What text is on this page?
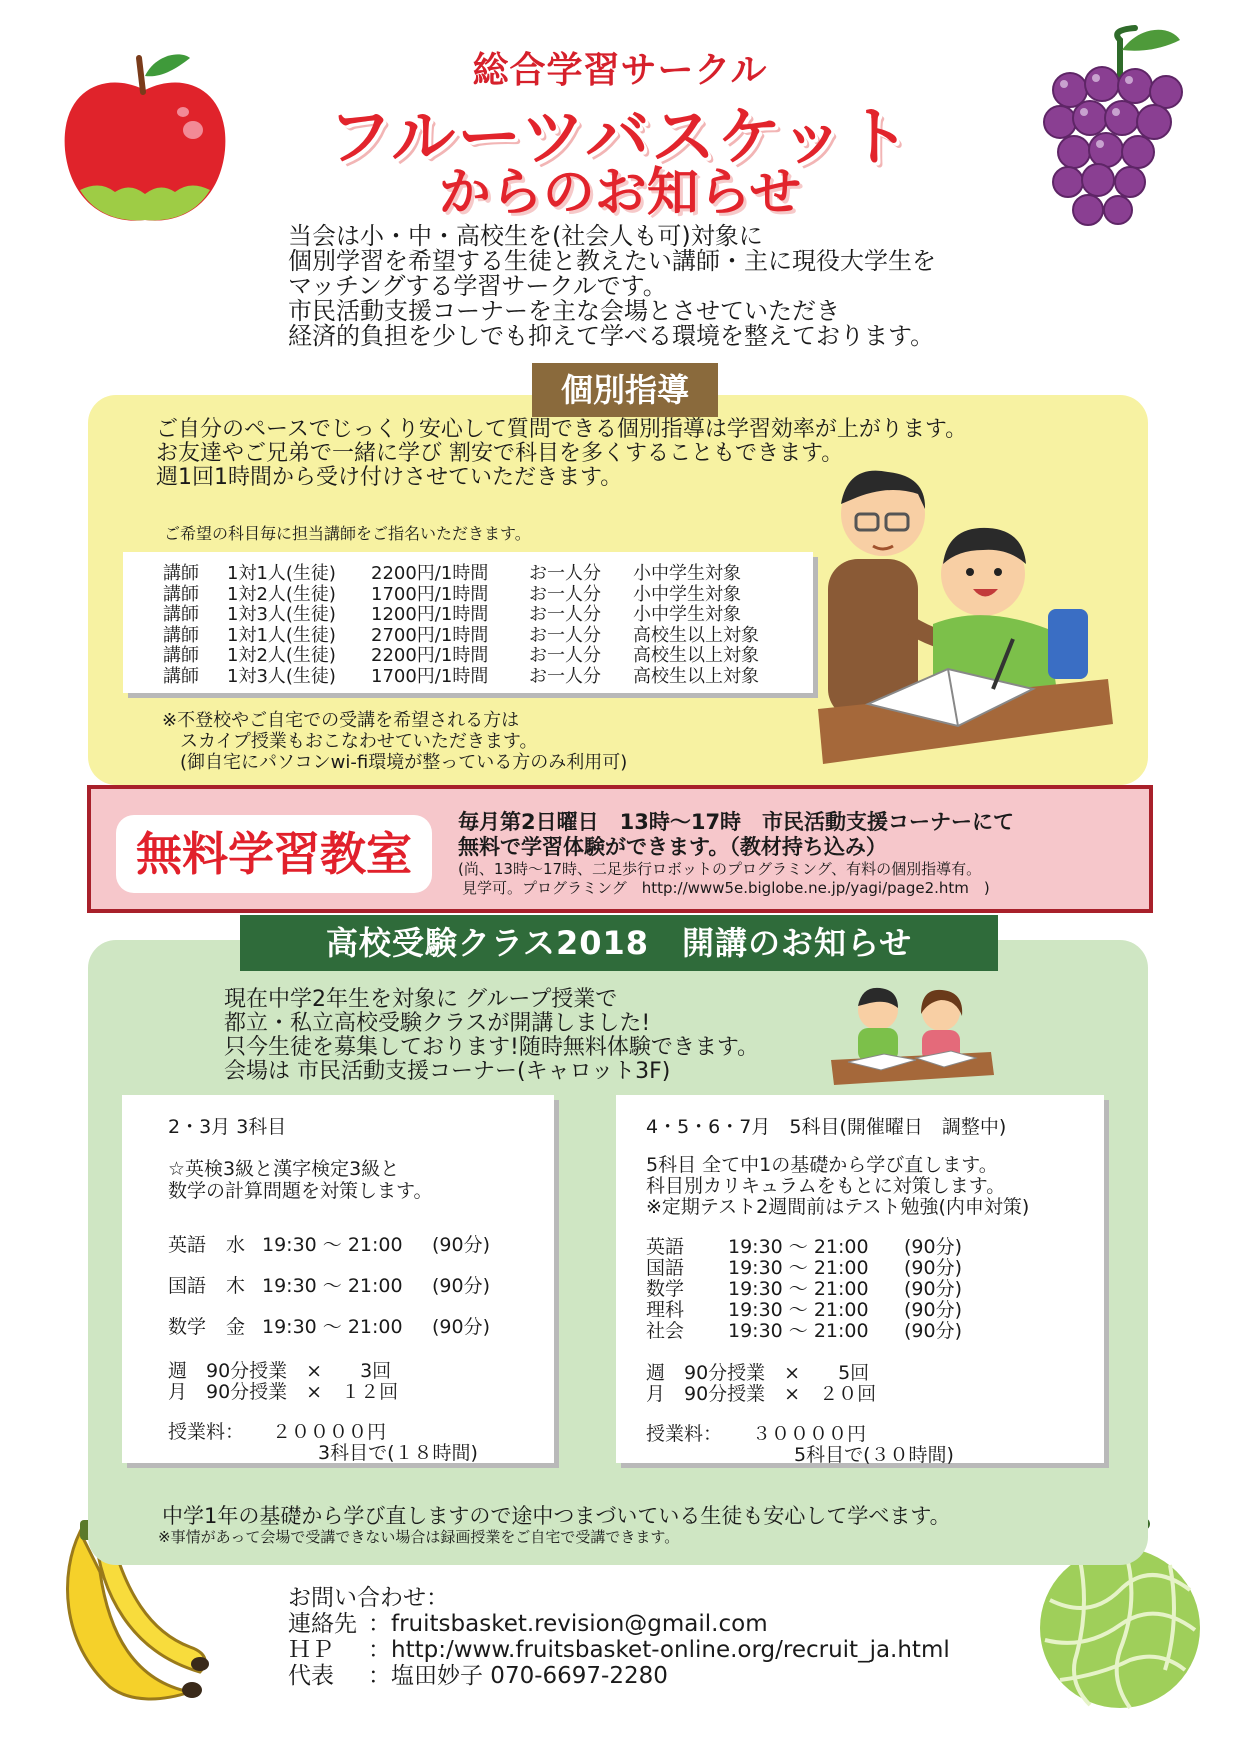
総合学習サークル
フルーツバスケット
からのお知らせ
当会は小・中・高校生を(社会人も可)対象に
個別学習を希望する生徒と教えたい講師・主に現役大学生を
マッチングする学習サークルです。
市民活動支援コーナーを主な会場とさせていただき
経済的負担を少しでも抑えて学べる環境を整えております。
個別指導
ご自分のペースでじっくり安心して質問できる個別指導は学習効率が上がります。
お友達やご兄弟で一緒に学び 割安で科目を多くすることもできます。
週1回1時間から受け付けさせていただきます。
ご希望の科目毎に担当講師をご指名いただきます。
講師	1対1人(生徒)	2200円/1時間	お一人分	小中学生対象
講師	1対2人(生徒)	1700円/1時間	お一人分	小中学生対象
講師	1対3人(生徒)	1200円/1時間	お一人分	小中学生対象
講師	1対1人(生徒)	2700円/1時間	お一人分	高校生以上対象
講師	1対2人(生徒)	2200円/1時間	お一人分	高校生以上対象
講師	1対3人(生徒)	1700円/1時間	お一人分	高校生以上対象
※不登校やご自宅での受講を希望される方は
　スカイプ授業もおこなわせていただきます。
　(御自宅にパソコンwi-fi環境が整っている方のみ利用可)
無料学習教室
毎月第2日曜日　13時〜17時　市民活動支援コーナーにて
無料で学習体験ができます。（教材持ち込み）
(尚、13時〜17時、二足歩行ロボットのプログラミング、有料の個別指導有。
見学可。プログラミング　http://www5e.biglobe.ne.jp/yagi/page2.htm　)
高校受験クラス2018　開講のお知らせ
現在中学2年生を対象に グループ授業で
都立・私立高校受験クラスが開講しました!
只今生徒を募集しております!随時無料体験できます。
会場は 市民活動支援コーナー(キャロット3F)
2・3月 3科目
☆英検3級と漢字検定3級と
数学の計算問題を対策します。
英語 水 19:30 〜 21:00 (90分)
国語 木 19:30 〜 21:00 (90分)
数学 金 19:30 〜 21:00 (90分)
週　90分授業　×　　3回
月　90分授業　×　１２回
授業料： ２００００円
3科目で(１８時間)
4・5・6・7月　5科目(開催曜日　調整中)
5科目 全て中1の基礎から学び直します。
科目別カリキュラムをもとに対策します。
※定期テスト2週間前はテスト勉強(内申対策)
英語 19:30 〜 21:00 (90分)
国語 19:30 〜 21:00 (90分)
数学 19:30 〜 21:00 (90分)
理科 19:30 〜 21:00 (90分)
社会 19:30 〜 21:00 (90分)
週　90分授業　×　　5回
月　90分授業　×　２０回
授業料： ３００００円
5科目で(３０時間)
中学1年の基礎から学び直しますので途中つまづいている生徒も安心して学べます。
※事情があって会場で受講できない場合は録画授業をご自宅で受講できます。
お問い合わせ：
連絡先 ：fruitsbasket.revision@gmail.com
ＨＰ ：http:/www.fruitsbasket-online.org/recruit_ja.html
代表 ：塩田妙子 070-6697-2280
